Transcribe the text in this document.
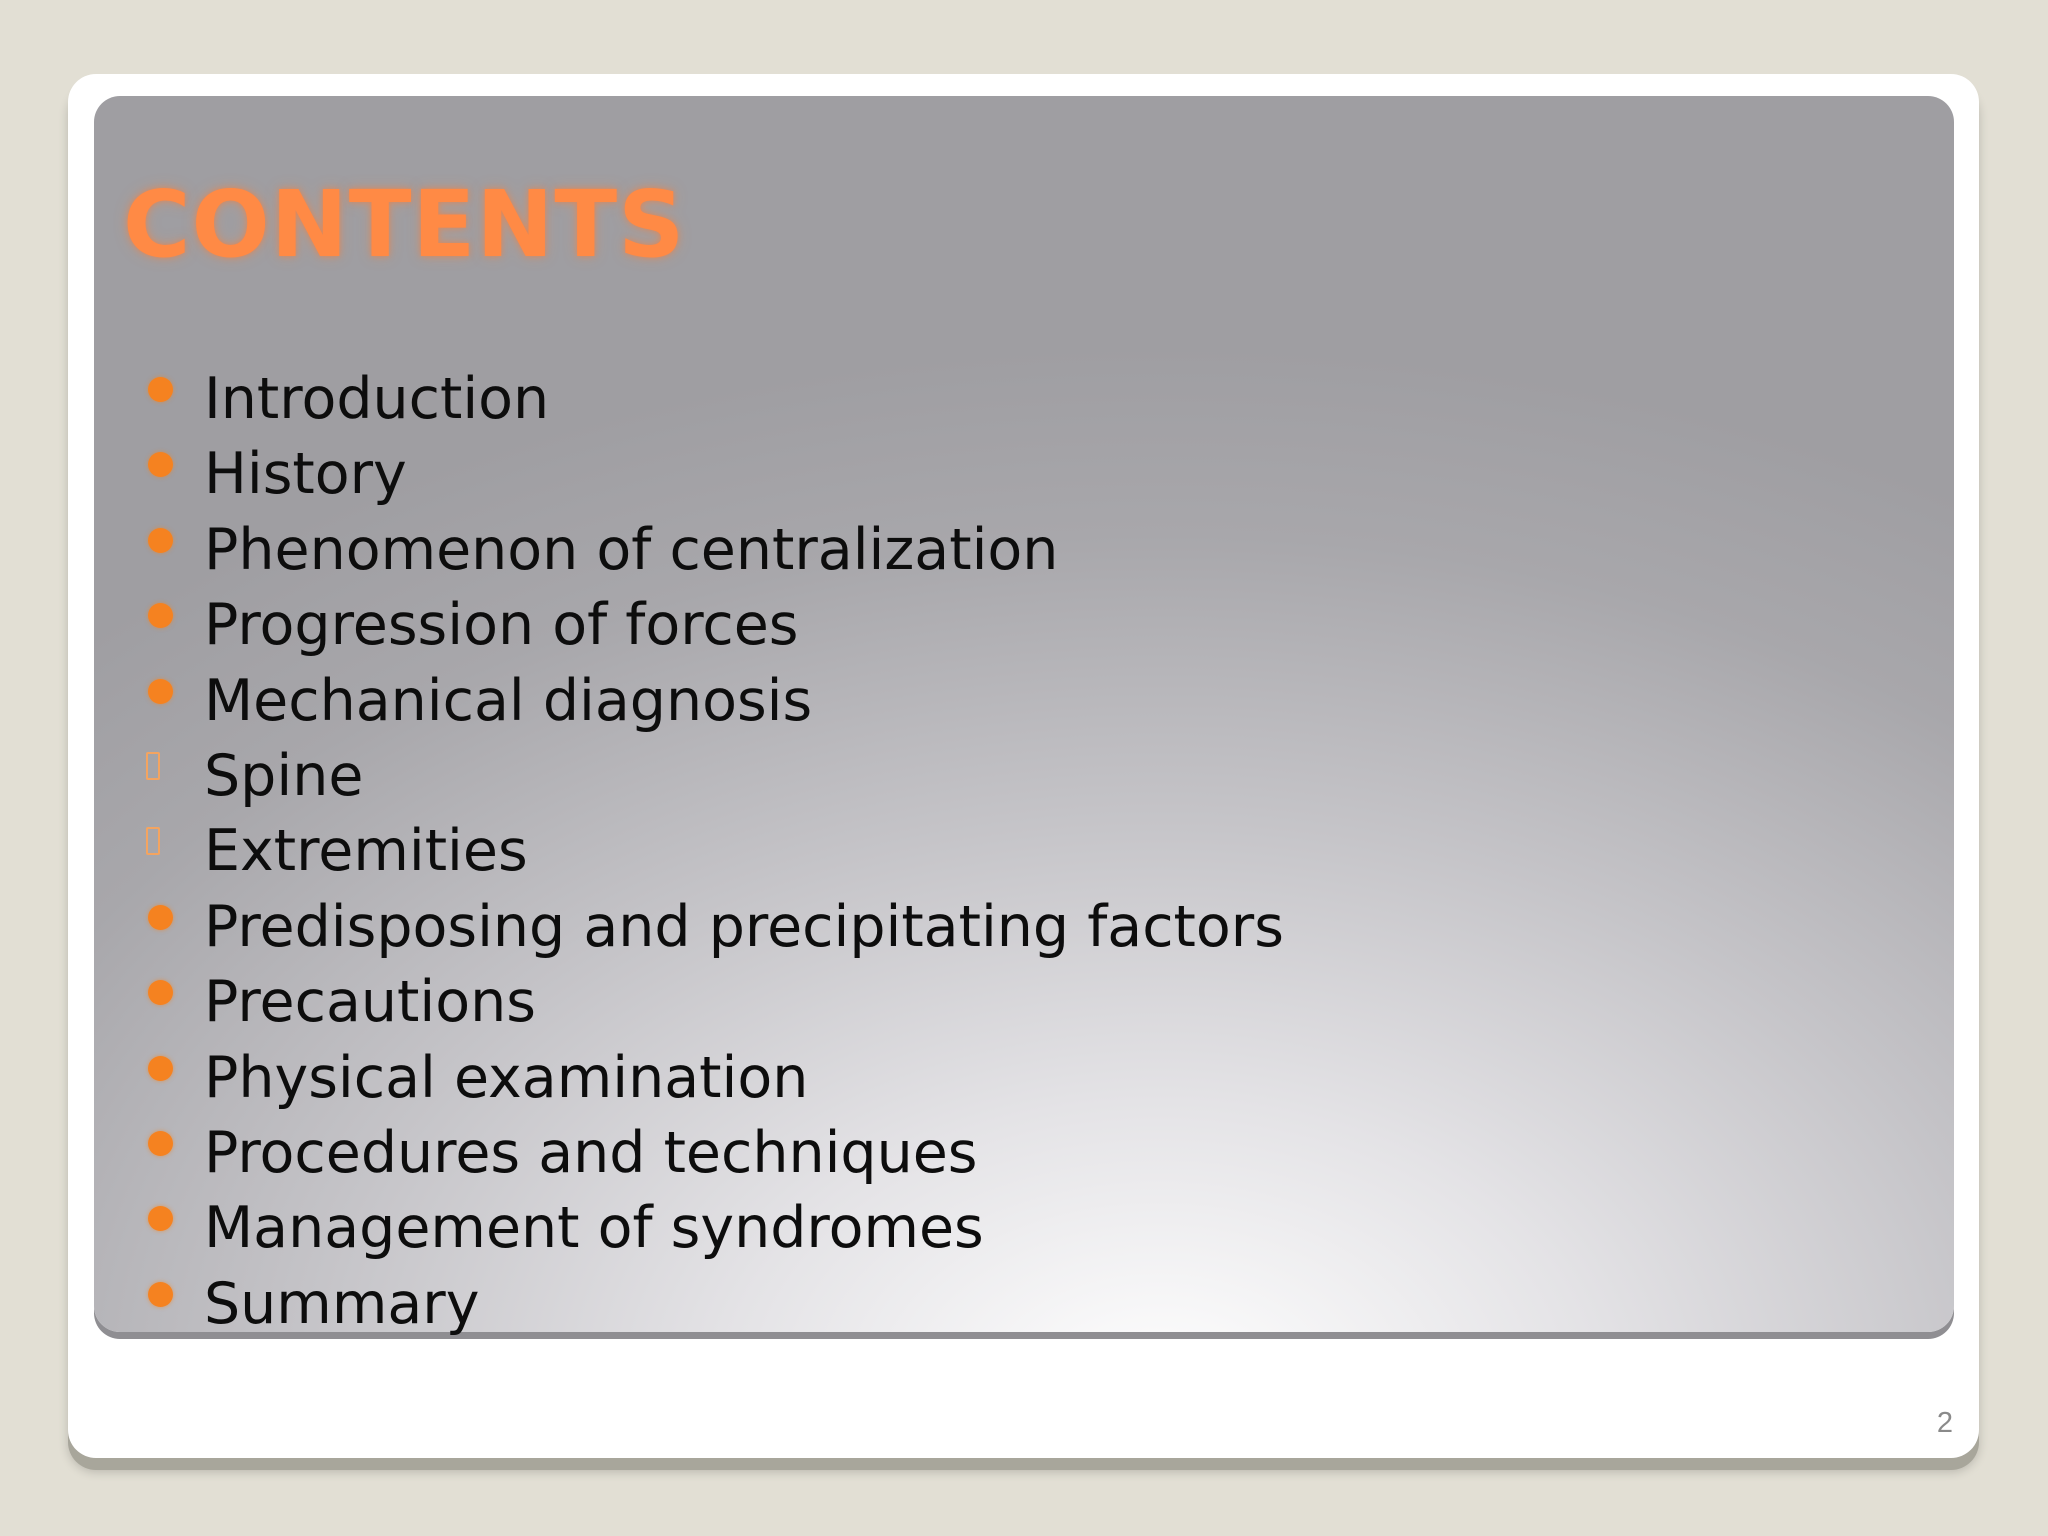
CONTENTS
Introduction
History
Phenomenon of centralization
Progression of forces
Mechanical diagnosis
Spine
Extremities
Predisposing and precipitating factors
Precautions
Physical examination
Procedures and techniques
Management of syndromes
Summary
2
